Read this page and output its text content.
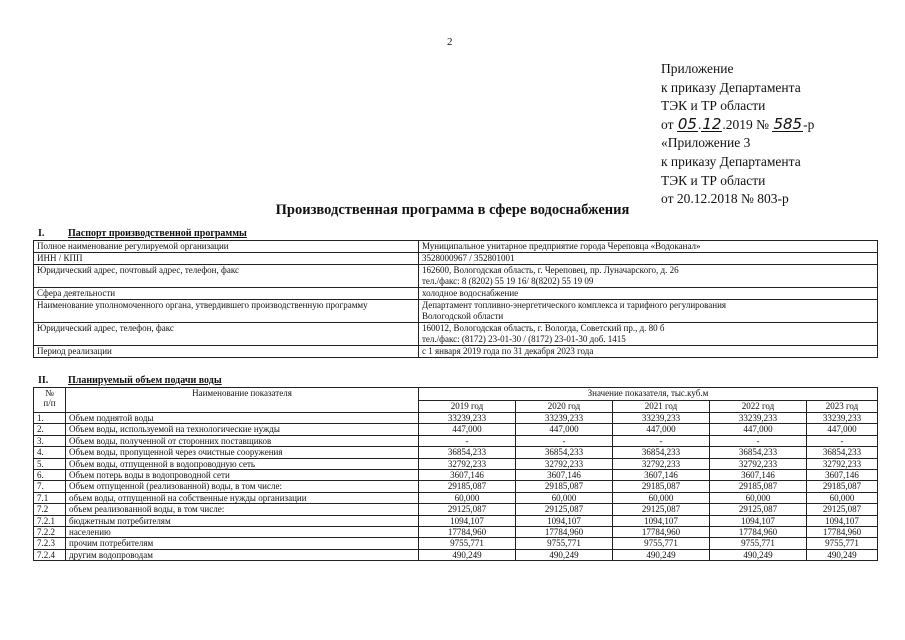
2
Приложение
к приказу Департамента
ТЭК и ТР области
от 05.12.2019 № 585-р
«Приложение 3
к приказу Департамента
ТЭК и ТР области
от 20.12.2018 № 803-р
Производственная программа в сфере водоснабжения
I. Паспорт производственной программы
Полное наименование регулируемой организации	Муниципальное унитарное предприятие города Череповца «Водоканал»
ИНН / КПП	3528000967 / 352801001
Юридический адрес, почтовый адрес, телефон, факс	162600, Вологодская область, г. Череповец, пр. Луначарского, д. 26
тел./факс: 8 (8202) 55 19 16/ 8(8202) 55 19 09

Сфера деятельности	холодное водоснабжение
Наименование уполномоченного органа, утвердившего производственную программу	Департамент топливно-энергетического комплекса и тарифного регулирования
Вологодской области

Юридический адрес, телефон, факс	160012, Вологодская область, г. Вологда, Советский пр., д. 80 б
тел./факс: (8172) 23-01-30 / (8172) 23-01-30 доб. 1415

Период реализации	с 1 января 2019 года по 31 декабря 2023 года
II. Планируемый объем подачи воды
№
п/п	Наименование показателя	Значение показателя, тыс.куб.м				
		2019 год	2020 год	2021 год	2022 год	2023 год
1.	Объем поднятой воды	33239,233	33239,233	33239,233	33239,233	33239,233
2.	Объем воды, используемой на технологические нужды	447,000	447,000	447,000	447,000	447,000
3.	Объем воды, полученной от сторонних поставщиков	-	-	-	-	-
4.	Объем воды, пропущенной через очистные сооружения	36854,233	36854,233	36854,233	36854,233	36854,233
5.	Объем воды, отпущенной в водопроводную сеть	32792,233	32792,233	32792,233	32792,233	32792,233
6.	Объем потерь воды в водопроводной сети	3607,146	3607,146	3607,146	3607,146	3607,146
7.	Объем отпущенной (реализованной) воды, в том числе:	29185,087	29185,087	29185,087	29185,087	29185,087
7.1	объем воды, отпущенной на собственные нужды организации	60,000	60,000	60,000	60,000	60,000
7.2	объем реализованной воды, в том числе:	29125,087	29125,087	29125,087	29125,087	29125,087
7.2.1	бюджетным потребителям	1094,107	1094,107	1094,107	1094,107	1094,107
7.2.2	населению	17784,960	17784,960	17784,960	17784,960	17784,960
7.2.3	прочим потребителям	9755,771	9755,771	9755,771	9755,771	9755,771
7.2.4	другим водопроводам	490,249	490,249	490,249	490,249	490,249
